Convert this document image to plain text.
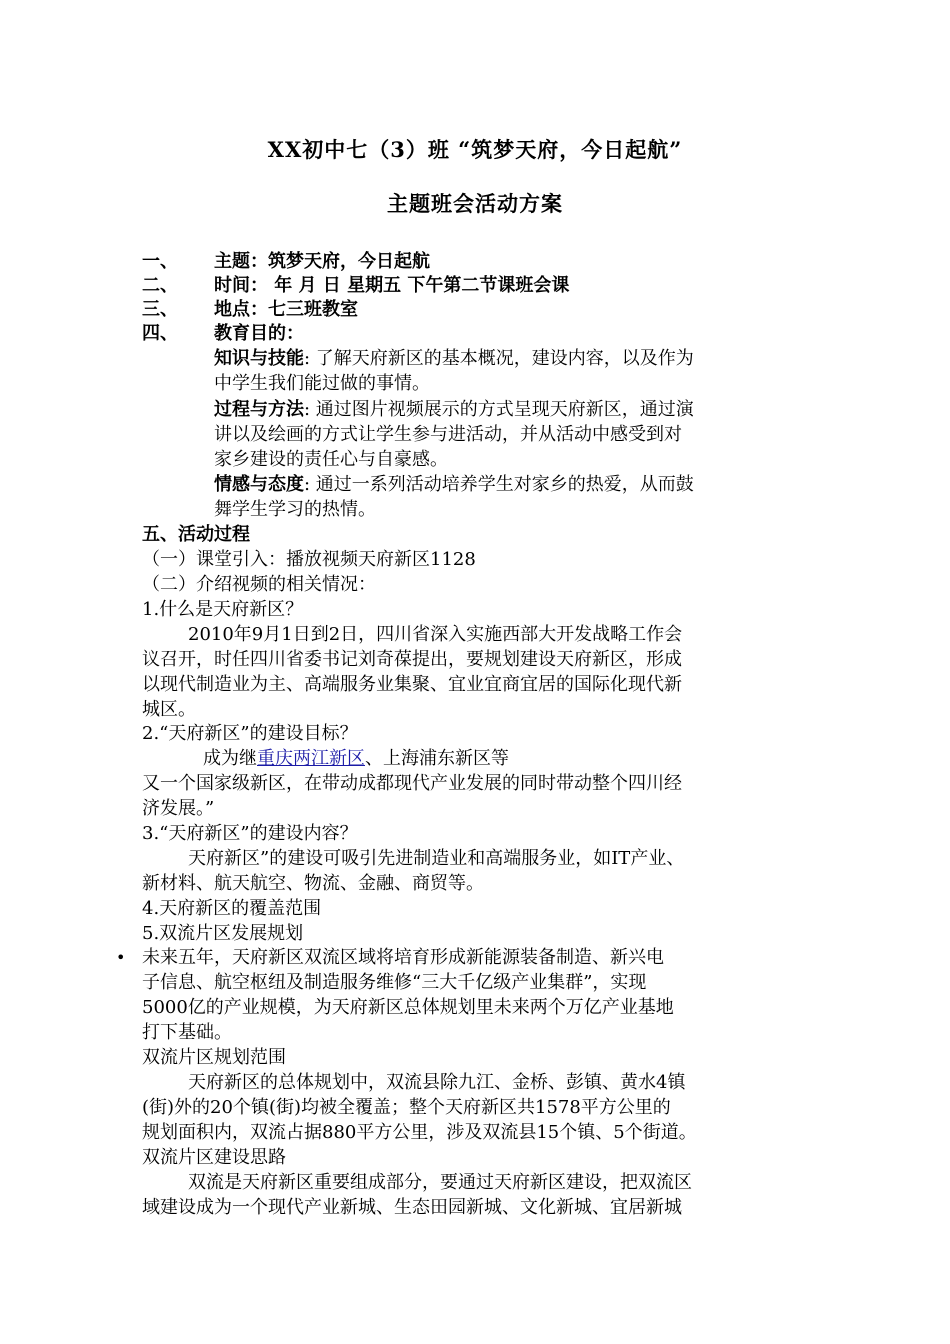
XX初中七（3）班 “筑梦天府，今日起航”
主题班会活动方案
一、 主题：筑梦天府，今日起航
二、 时间： 年 月 日 星期五 下午第二节课班会课
三、 地点：七三班教室
四、 教育目的：
知识与技能: 了解天府新区的基本概况，建设内容，以及作为
中学生我们能过做的事情。
过程与方法: 通过图片视频展示的方式呈现天府新区，通过演
讲以及绘画的方式让学生参与进活动，并从活动中感受到对
家乡建设的责任心与自豪感。
情感与态度: 通过一系列活动培养学生对家乡的热爱，从而鼓
舞学生学习的热情。
五、活动过程
（一）课堂引入：播放视频天府新区1128
（二）介绍视频的相关情况：
1.什么是天府新区？
2010年9月1日到2日，四川省深入实施西部大开发战略工作会
议召开，时任四川省委书记刘奇葆提出，要规划建设天府新区，形成
以现代制造业为主、高端服务业集聚、宜业宜商宜居的国际化现代新
城区。
2.“天府新区”的建设目标？
成为继重庆两江新区、上海浦东新区等
又一个国家级新区，在带动成都现代产业发展的同时带动整个四川经
济发展。”
3.“天府新区”的建设内容？
天府新区”的建设可吸引先进制造业和高端服务业，如IT产业、
新材料、航天航空、物流、金融、商贸等。
4.天府新区的覆盖范围
5.双流片区发展规划
• 未来五年，天府新区双流区域将培育形成新能源装备制造、新兴电
子信息、航空枢纽及制造服务维修“三大千亿级产业集群”，实现
5000亿的产业规模，为天府新区总体规划里未来两个万亿产业基地
打下基础。
双流片区规划范围
天府新区的总体规划中，双流县除九江、金桥、彭镇、黄水4镇
(街)外的20个镇(街)均被全覆盖；整个天府新区共1578平方公里的
规划面积内，双流占据880平方公里，涉及双流县15个镇、5个街道。
双流片区建设思路
双流是天府新区重要组成部分，要通过天府新区建设，把双流区
域建设成为一个现代产业新城、生态田园新城、文化新城、宜居新城
